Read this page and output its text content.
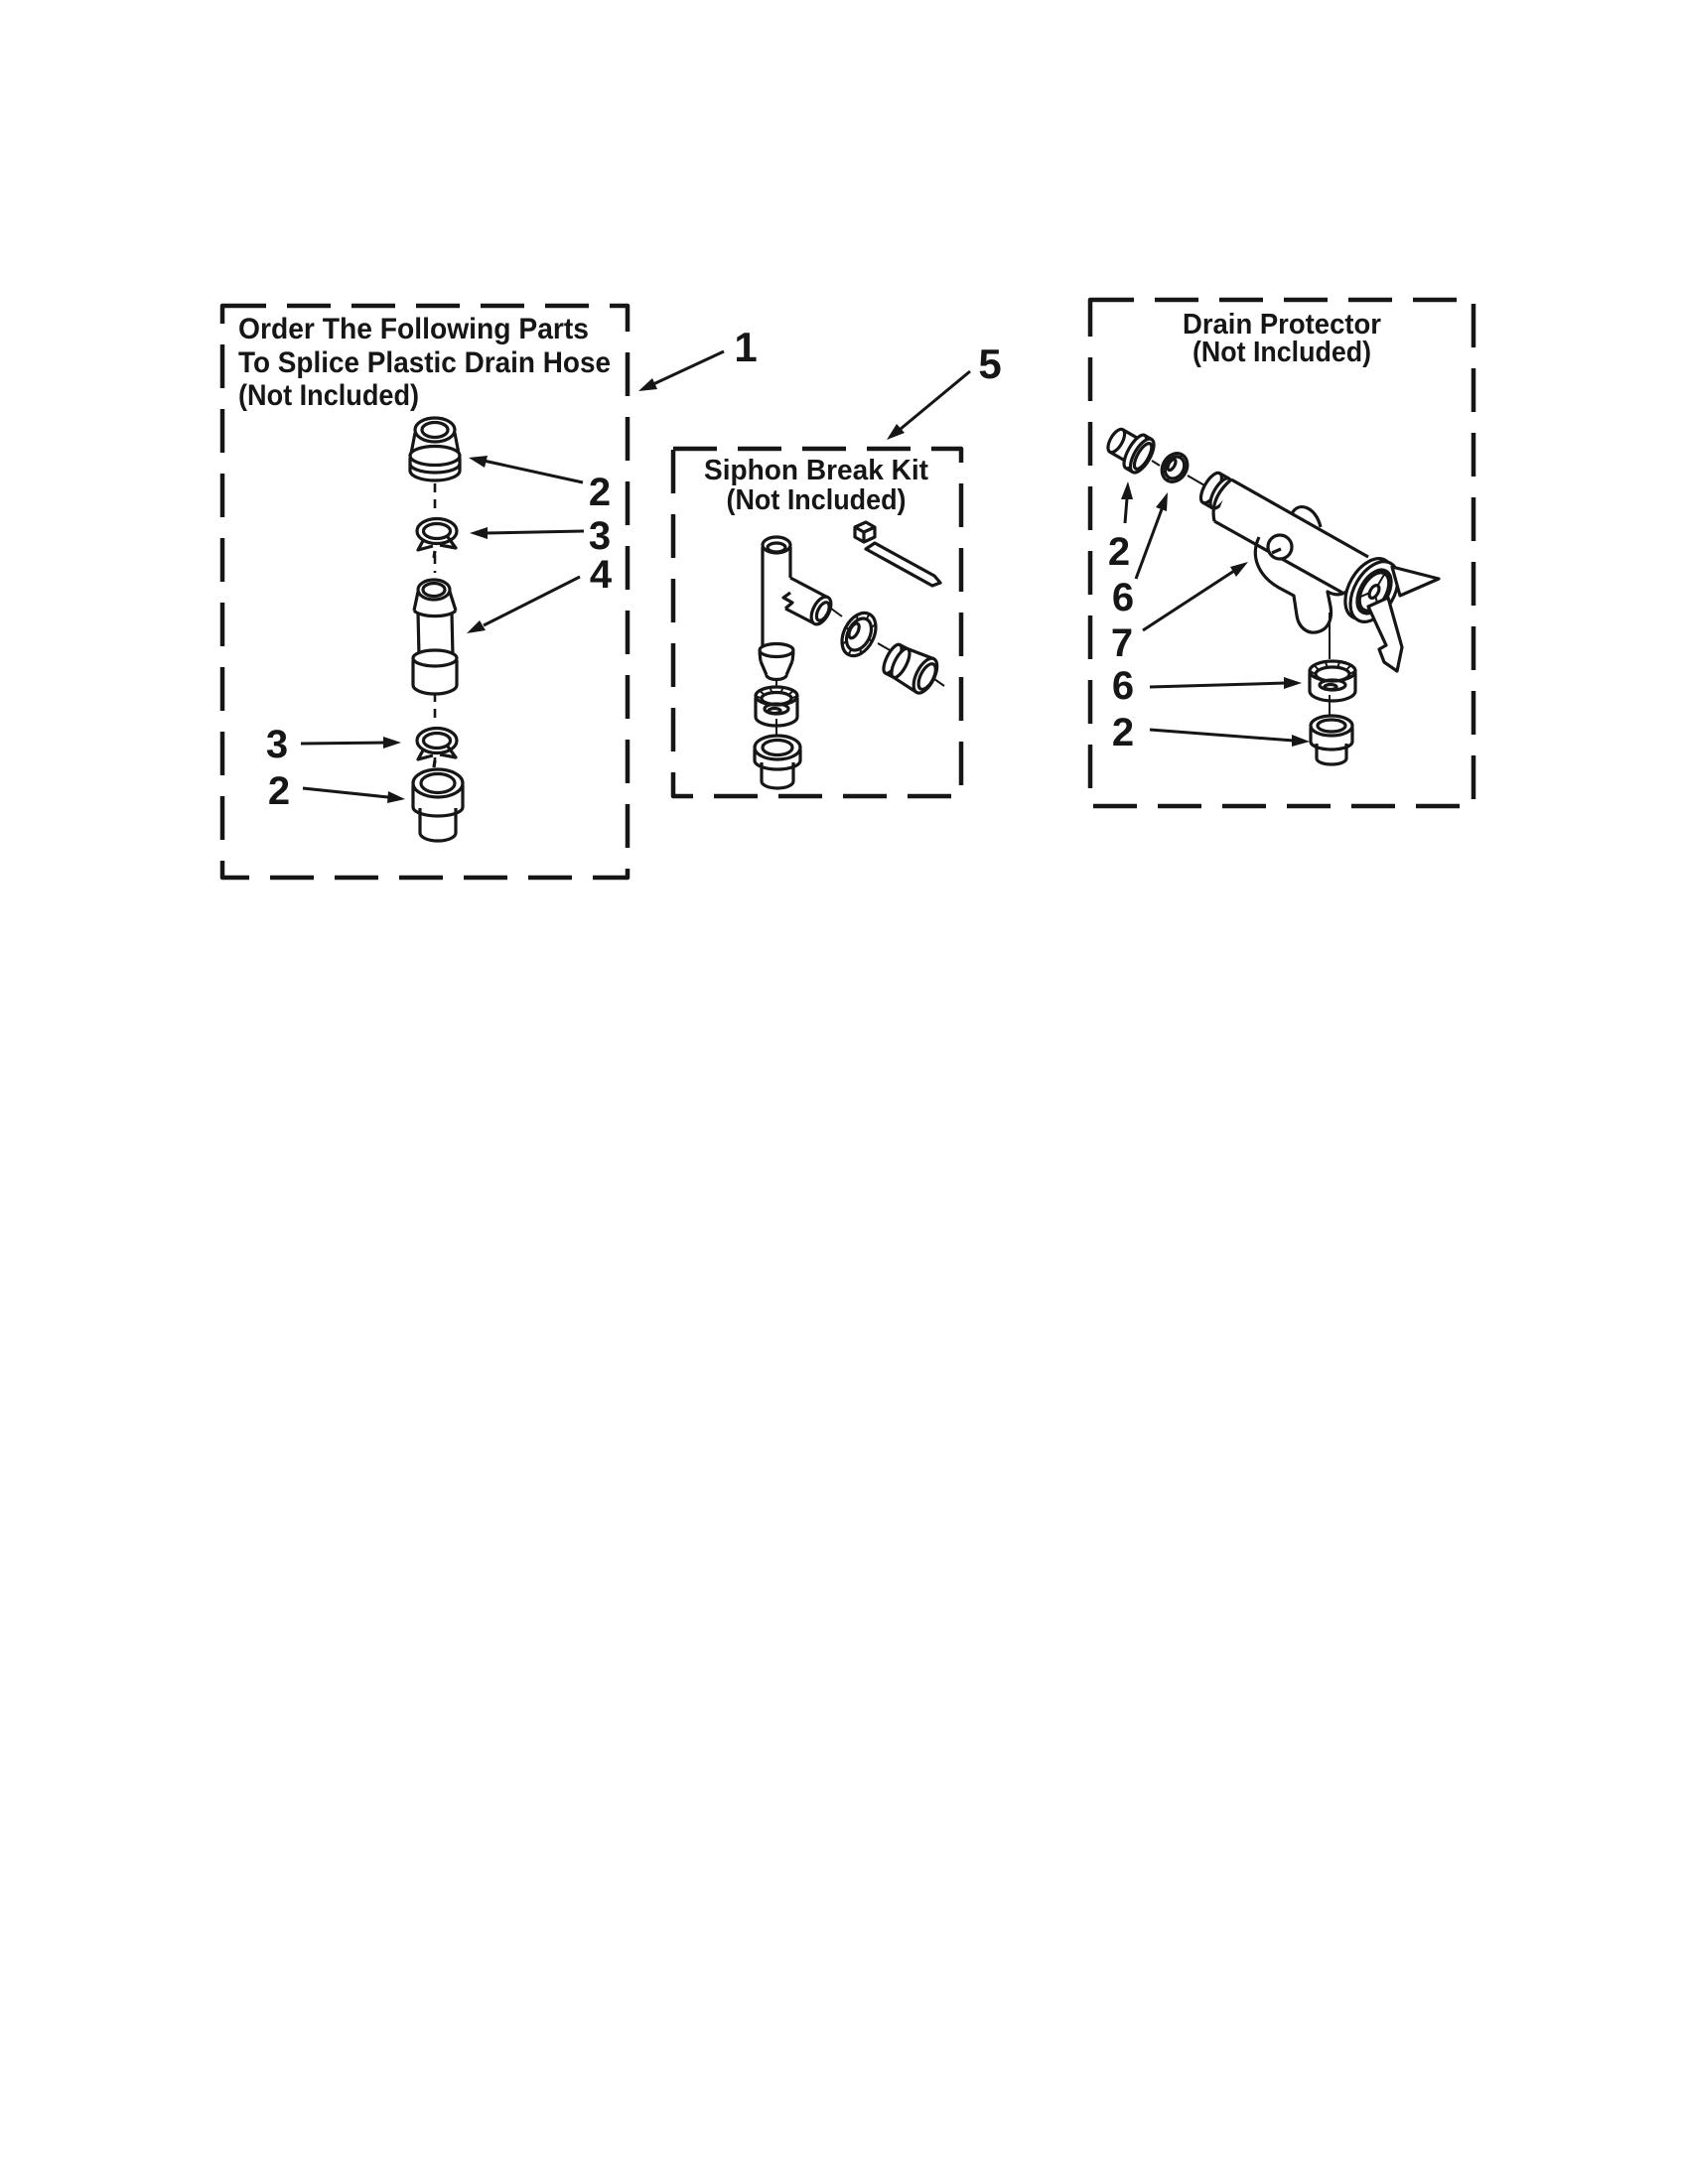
Order The Following Parts
To Splice Plastic Drain Hose
(Not Included)
2
3
4
3
2
1	5
Siphon Break Kit
(Not Included)
Drain Protector
(Not Included)
2
6
7
6
2
